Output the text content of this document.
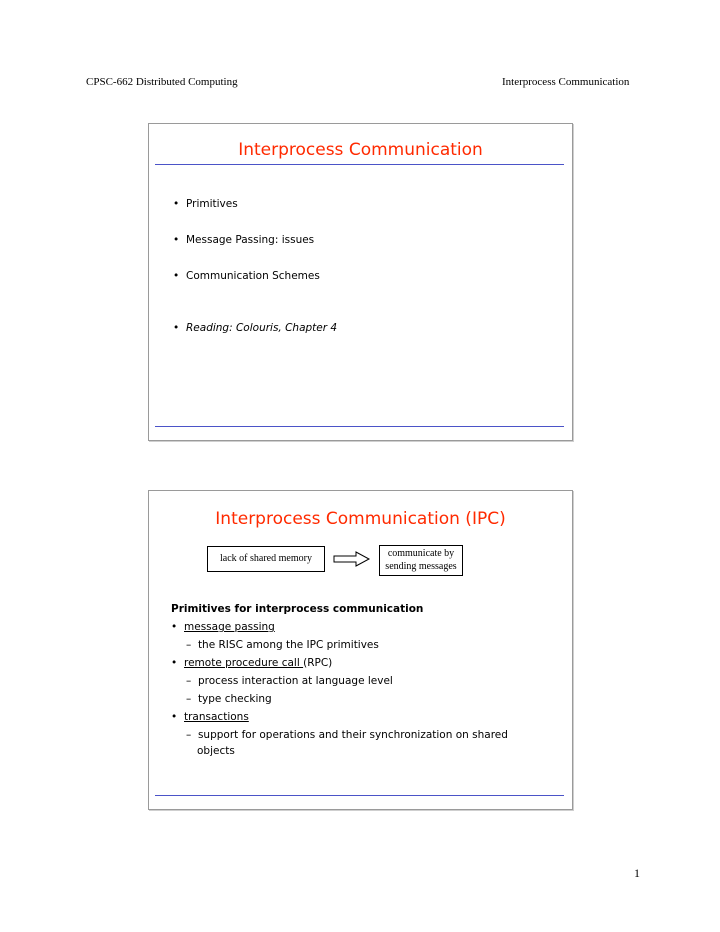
CPSC-662 Distributed Computing	Interprocess Communication
Interprocess Communication
• Primitives
• Message Passing: issues
• Communication Schemes
• Reading: Colouris, Chapter 4
Interprocess Communication (IPC)
lack of shared memory	communicate by
sending messages
Primitives for interprocess communication
• message passing
–  the RISC among the IPC primitives
• remote procedure call (RPC)
–  process interaction at language level
–  type checking
• transactions
–  support for operations and their synchronization on shared
objects
1
